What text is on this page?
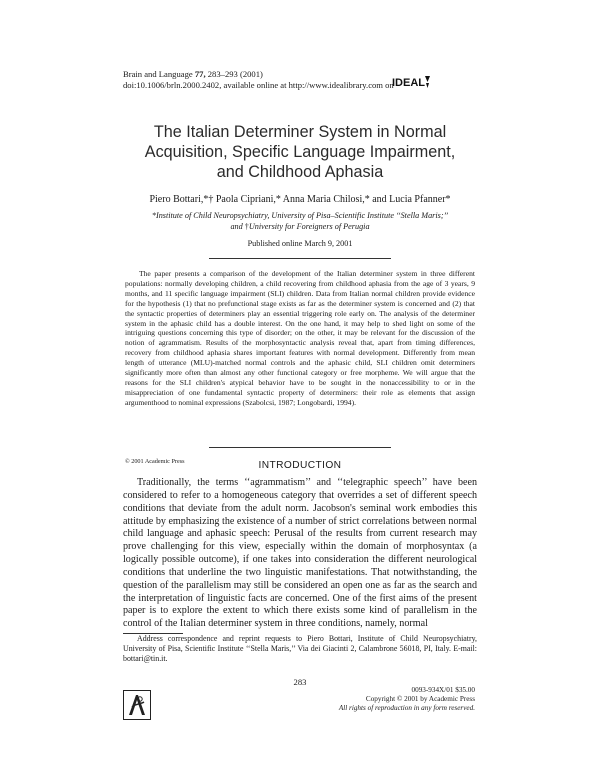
Brain and Language 77, 283–293 (2001)
doi:10.1006/brln.2000.2402, available online at http://www.idealibrary.com on
IDEAL
The Italian Determiner System in Normal
Acquisition, Specific Language Impairment,
and Childhood Aphasia
Piero Bottari,*† Paola Cipriani,* Anna Maria Chilosi,* and Lucia Pfanner*
*Institute of Child Neuropsychiatry, University of Pisa–Scientific Institute ‘‘Stella Maris;’’
and †University for Foreigners of Perugia
Published online March 9, 2001
The paper presents a comparison of the development of the Italian determiner system in three different populations: normally developing children, a child recovering from childhood aphasia from the age of 3 years, 9 months, and 11 specific language impairment (SLI) children. Data from Italian normal children provide evidence for the hypothesis (1) that no prefunctional stage exists as far as the determiner system is concerned and (2) that the syntactic properties of determiners play an essential triggering role early on. The analysis of the determiner system in the aphasic child has a double interest. On the one hand, it may help to shed light on some of the intriguing questions concerning this type of disorder; on the other, it may be relevant for the discussion of the notion of agrammatism. Results of the morphosyntactic analysis reveal that, apart from timing differences, recovery from childhood aphasia shares important features with normal development. Differently from mean length of utterance (MLU)-matched normal controls and the aphasic child, SLI children omit determiners significantly more often than almost any other functional category or free morpheme. We will argue that the reasons for the SLI children's atypical behavior have to be sought in the nonaccessibility to or in the misappreciation of one fundamental syntactic property of determiners: their role as elements that assign argumenthood to nominal expressions (Szabolcsi, 1987; Longobardi, 1994).
© 2001 Academic Press	INTRODUCTION
Traditionally, the terms ‘‘agrammatism’’ and ‘‘telegraphic speech’’ have been considered to refer to a homogeneous category that overrides a set of different speech conditions that deviate from the adult norm. Jacobson's seminal work embodies this attitude by emphasizing the existence of a number of strict correlations between normal child language and aphasic speech: Perusal of the results from current research may prove challenging for this view, especially within the domain of morphosyntax (a logically possible outcome), if one takes into consideration the different neurological conditions that underline the two linguistic manifestations. That notwithstanding, the question of the parallelism may still be considered an open one as far as the search and the interpretation of linguistic facts are concerned. One of the first aims of the present paper is to explore the extent to which there exists some kind of parallelism in the control of the Italian determiner system in three conditions, namely, normal
Address correspondence and reprint requests to Piero Bottari, Institute of Child Neuropsychiatry, University of Pisa, Scientific Institute ‘‘Stella Maris,’’ Via dei Giacinti 2, Calambrone 56018, PI, Italy. E-mail: bottari@tin.it.
283
0093-934X/01 $35.00
Copyright © 2001 by Academic Press
All rights of reproduction in any form reserved.
